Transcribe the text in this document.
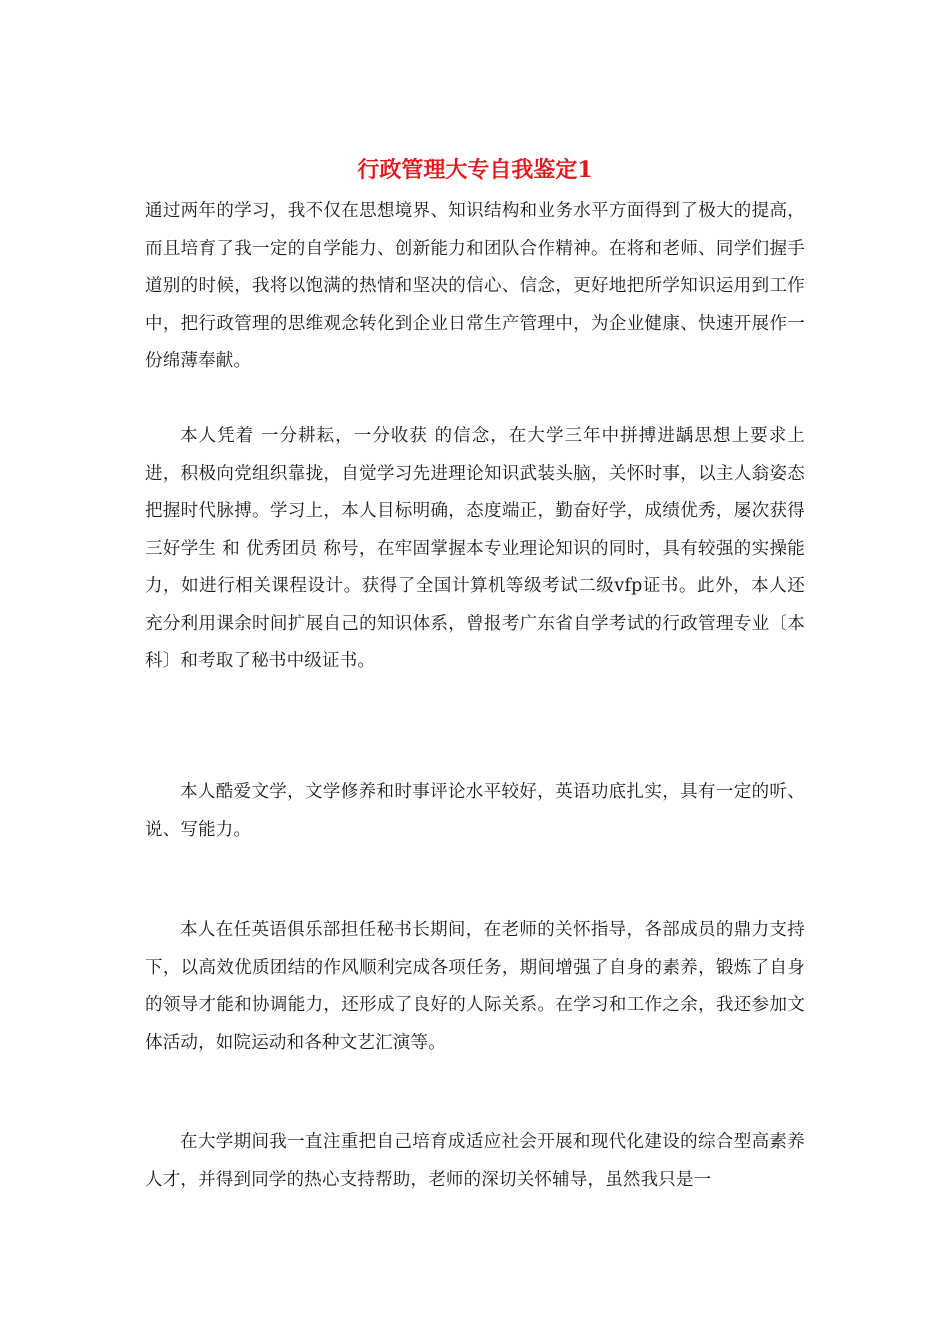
行政管理大专自我鉴定1

通过两年的学习，我不仅在思想境界、知识结构和业务水平方面得到了极大的提高，而且培育了我一定的自学能力、创新能力和团队合作精神。在将和老师、同学们握手道别的时候，我将以饱满的热情和坚决的信心、信念，更好地把所学知识运用到工作中，把行政管理的思维观念转化到企业日常生产管理中，为企业健康、快速开展作一份绵薄奉献。

本人凭着 一分耕耘，一分收获 的信念，在大学三年中拼搏进龋思想上要求上进，积极向党组织靠拢，自觉学习先进理论知识武装头脑，关怀时事，以主人翁姿态把握时代脉搏。学习上，本人目标明确，态度端正，勤奋好学，成绩优秀，屡次获得 三好学生 和 优秀团员 称号，在牢固掌握本专业理论知识的同时，具有较强的实操能力，如进行相关课程设计。获得了全国计算机等级考试二级vfp证书。此外，本人还充分利用课余时间扩展自己的知识体系，曾报考广东省自学考试的行政管理专业〔本科〕和考取了秘书中级证书。

本人酷爱文学，文学修养和时事评论水平较好，英语功底扎实，具有一定的听、说、写能力。

本人在任英语俱乐部担任秘书长期间，在老师的关怀指导，各部成员的鼎力支持下，以高效优质团结的作风顺利完成各项任务，期间增强了自身的素养，锻炼了自身的领导才能和协调能力，还形成了良好的人际关系。在学习和工作之余，我还参加文体活动，如院运动和各种文艺汇演等。

在大学期间我一直注重把自己培育成适应社会开展和现代化建设的综合型高素养人才，并得到同学的热心支持帮助，老师的深切关怀辅导，虽然我只是一
